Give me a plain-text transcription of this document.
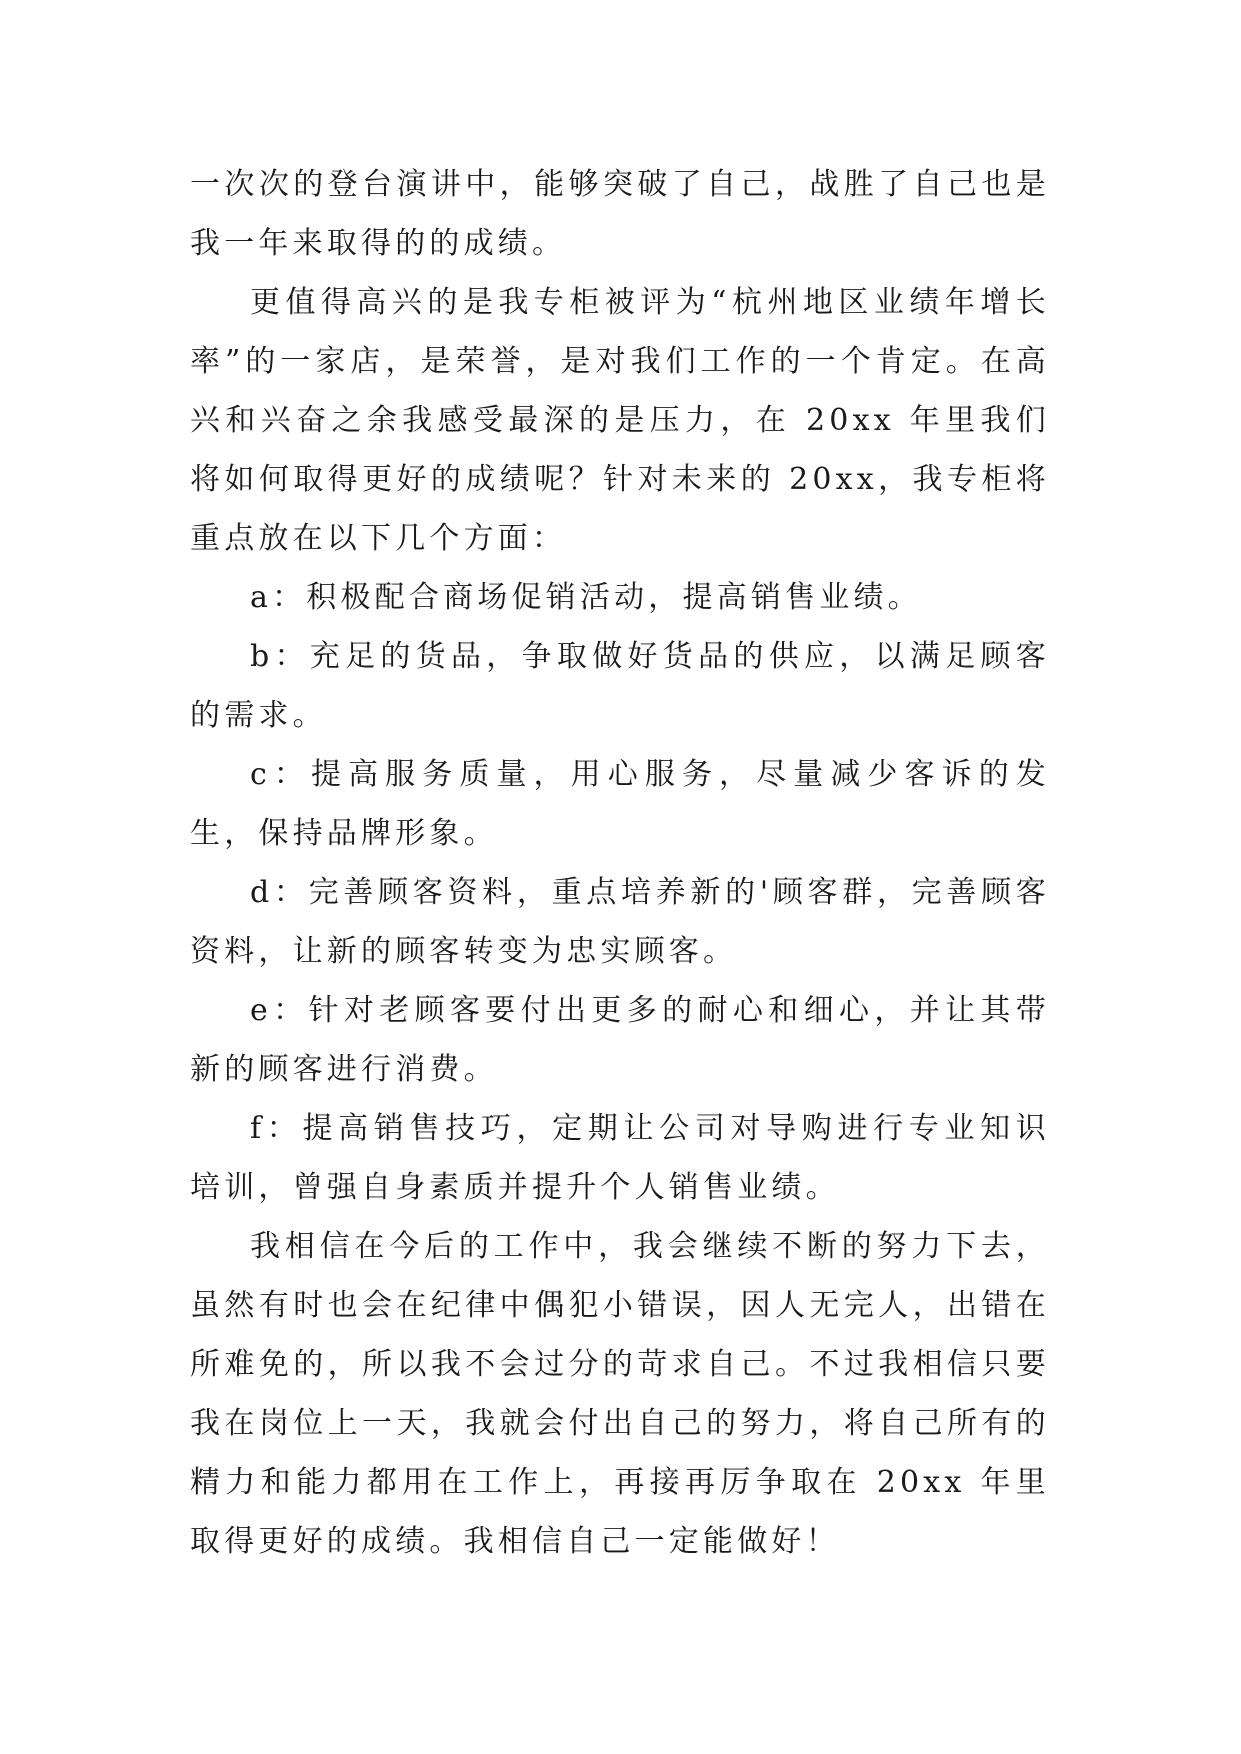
一次次的登台演讲中，能够突破了自己，战胜了自己也是我一年来取得的的成绩。

更值得高兴的是我专柜被评为“杭州地区业绩年增长率”的一家店，是荣誉，是对我们工作的一个肯定。在高兴和兴奋之余我感受最深的是压力，在 20xx 年里我们将如何取得更好的成绩呢？针对未来的 20xx，我专柜将重点放在以下几个方面：

a：积极配合商场促销活动，提高销售业绩。

b：充足的货品，争取做好货品的供应，以满足顾客的需求。

c：提高服务质量，用心服务，尽量减少客诉的发生，保持品牌形象。

d：完善顾客资料，重点培养新的'顾客群，完善顾客资料，让新的顾客转变为忠实顾客。

e：针对老顾客要付出更多的耐心和细心，并让其带新的顾客进行消费。

f：提高销售技巧，定期让公司对导购进行专业知识培训，曾强自身素质并提升个人销售业绩。

我相信在今后的工作中，我会继续不断的努力下去，虽然有时也会在纪律中偶犯小错误，因人无完人，出错在所难免的，所以我不会过分的苛求自己。不过我相信只要我在岗位上一天，我就会付出自己的努力，将自己所有的精力和能力都用在工作上，再接再厉争取在 20xx 年里取得更好的成绩。我相信自己一定能做好！
